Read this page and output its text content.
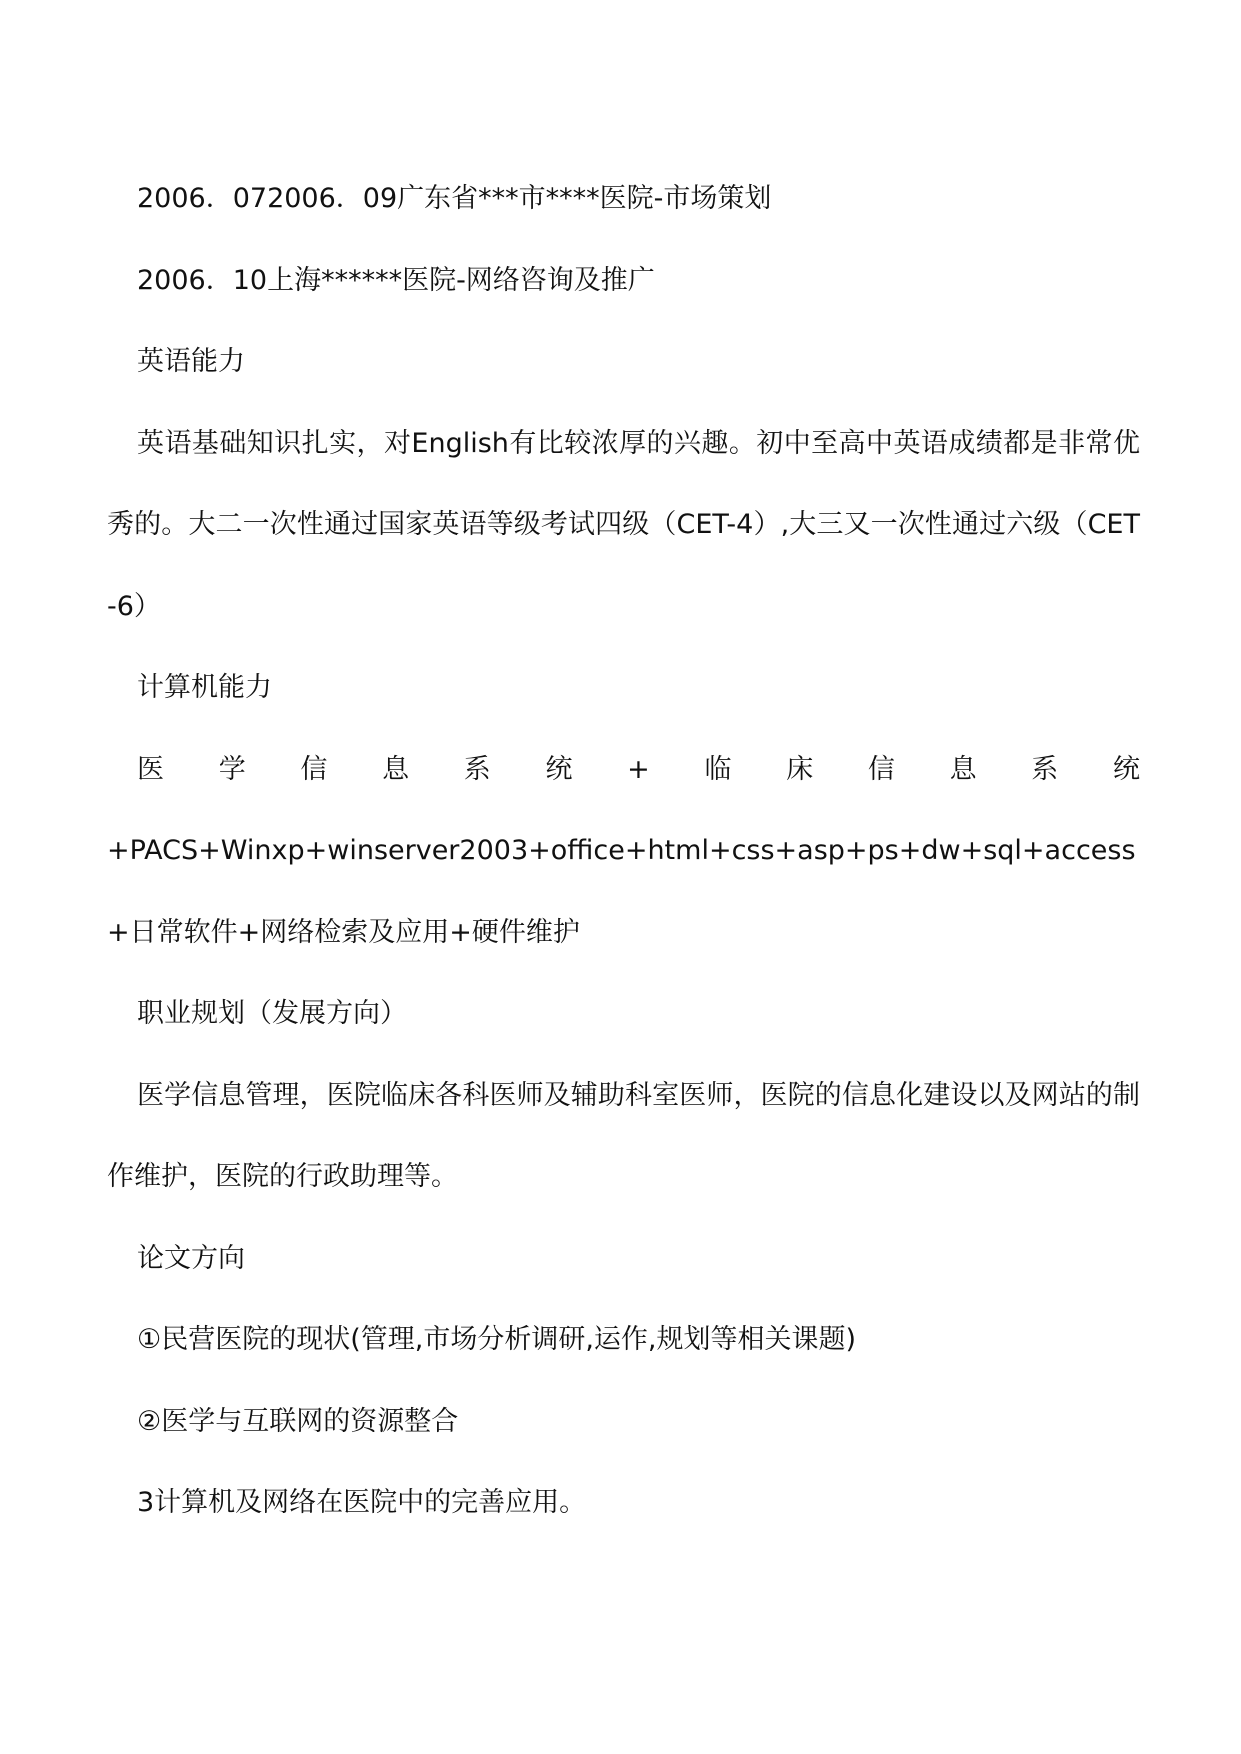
2006．072006．09广东省***市****医院-市场策划

2006．10上海******医院-网络咨询及推广

英语能力

英语基础知识扎实，对English有比较浓厚的兴趣。初中至高中英语成绩都是非常优秀的。大二一次性通过国家英语等级考试四级（CET-4）,大三又一次性通过六级（CET-6）

计算机能力

医学信息系统+临床信息系统

+PACS+Winxp+winserver2003+office+html+css+asp+ps+dw+sql+access+日常软件+网络检索及应用+硬件维护

职业规划（发展方向）

医学信息管理，医院临床各科医师及辅助科室医师，医院的信息化建设以及网站的制作维护，医院的行政助理等。

论文方向

①民营医院的现状(管理,市场分析调研,运作,规划等相关课题)

②医学与互联网的资源整合

3计算机及网络在医院中的完善应用。
